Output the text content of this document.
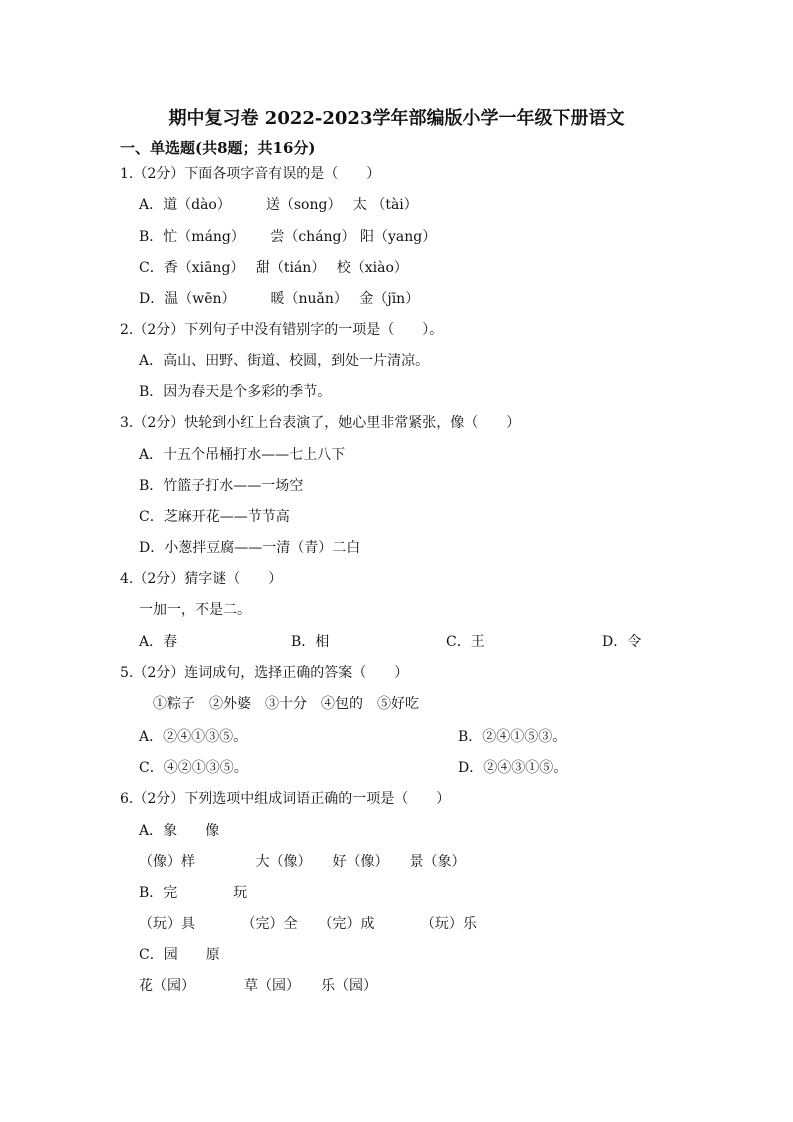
期中复习卷 2022-2023学年部编版小学一年级下册语文
一、单选题(共8题；共16分)
1.（2分）下面各项字音有误的是（　　）
A．道（dào）　　　送（song）　 太 （tài）
B．忙（máng）　　 尝（cháng） 阳（yang）
C．香（xiāng）　 甜（tián）　 校（xiào）
D．温（wēn）　　　暖（nuǎn）　 金（jīn）
2.（2分）下列句子中没有错别字的一项是（　　）。
A．高山、田野、街道、校圆，到处一片清凉。
B．因为春天是个多彩的季节。
3.（2分）快轮到小红上台表演了，她心里非常紧张，像（　　）
A．十五个吊桶打水——七上八下
B．竹篮子打水——一场空
C．芝麻开花——节节高
D．小葱拌豆腐——一清（青）二白
4.（2分）猜字谜（　　）
一加一，不是二。
A．春	B．相	C．王	D．令
5.（2分）连词成句，选择正确的答案（　　）
①粽子　②外婆　③十分　④包的　⑤好吃
A．②④①③⑤。	B．②④①⑤③。
C．④②①③⑤。	D．②④③①⑤。
6.（2分）下列选项中组成词语正确的一项是（　　）
A．象　　像
（像）样　　　　 大（像）　　好（像）　　景（象）
B．完　　　　玩
（玩）具　　　 （完）全　　（完）成　　　 （玩）乐
C．园　　原
花（园）　　　　草（园）　　乐（园）
